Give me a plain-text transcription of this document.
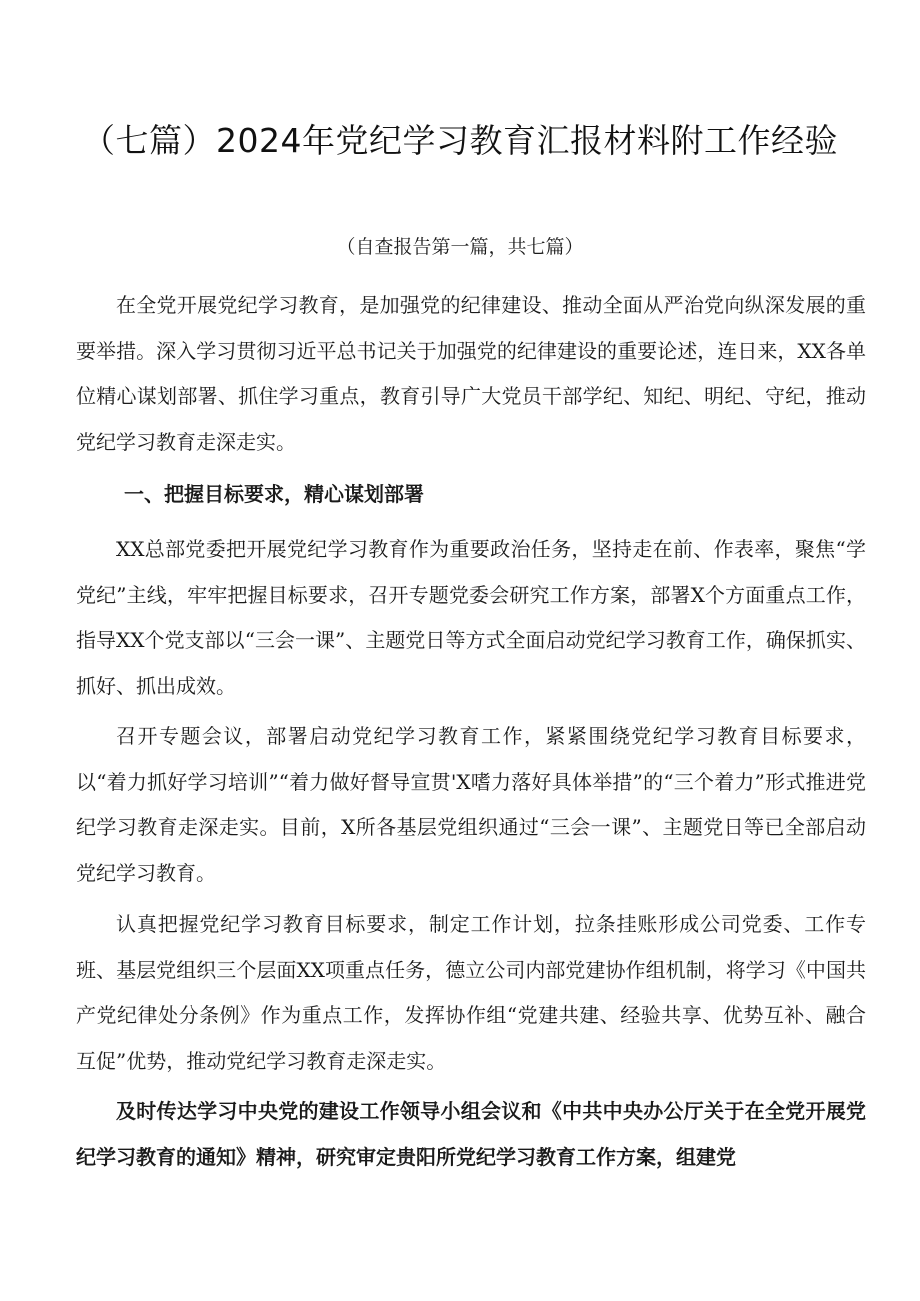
（七篇）2024年党纪学习教育汇报材料附工作经验
（自查报告第一篇，共七篇）

在全党开展党纪学习教育，是加强党的纪律建设、推动全面从严治党向纵深发展的重要举措。深入学习贯彻习近平总书记关于加强党的纪律建设的重要论述，连日来，XX各单位精心谋划部署、抓住学习重点，教育引导广大党员干部学纪、知纪、明纪、守纪，推动党纪学习教育走深走实。

一、把握目标要求，精心谋划部署

XX总部党委把开展党纪学习教育作为重要政治任务，坚持走在前、作表率，聚焦“学党纪”主线，牢牢把握目标要求，召开专题党委会研究工作方案，部署X个方面重点工作，指导XX个党支部以“三会一课”、主题党日等方式全面启动党纪学习教育工作，确保抓实、抓好、抓出成效。

召开专题会议，部署启动党纪学习教育工作，紧紧围绕党纪学习教育目标要求，以“着力抓好学习培训”“着力做好督导宣贯'X嗜力落好具体举措”的“三个着力”形式推进党纪学习教育走深走实。目前，X所各基层党组织通过“三会一课”、主题党日等已全部启动党纪学习教育。

认真把握党纪学习教育目标要求，制定工作计划，拉条挂账形成公司党委、工作专班、基层党组织三个层面XX项重点任务，德立公司内部党建协作组机制，将学习《中国共产党纪律处分条例》作为重点工作，发挥协作组“党建共建、经验共享、优势互补、融合互促”优势，推动党纪学习教育走深走实。

及时传达学习中央党的建设工作领导小组会议和《中共中央办公厅关于在全党开展党纪学习教育的通知》精神，研究审定贵阳所党纪学习教育工作方案，组建党
